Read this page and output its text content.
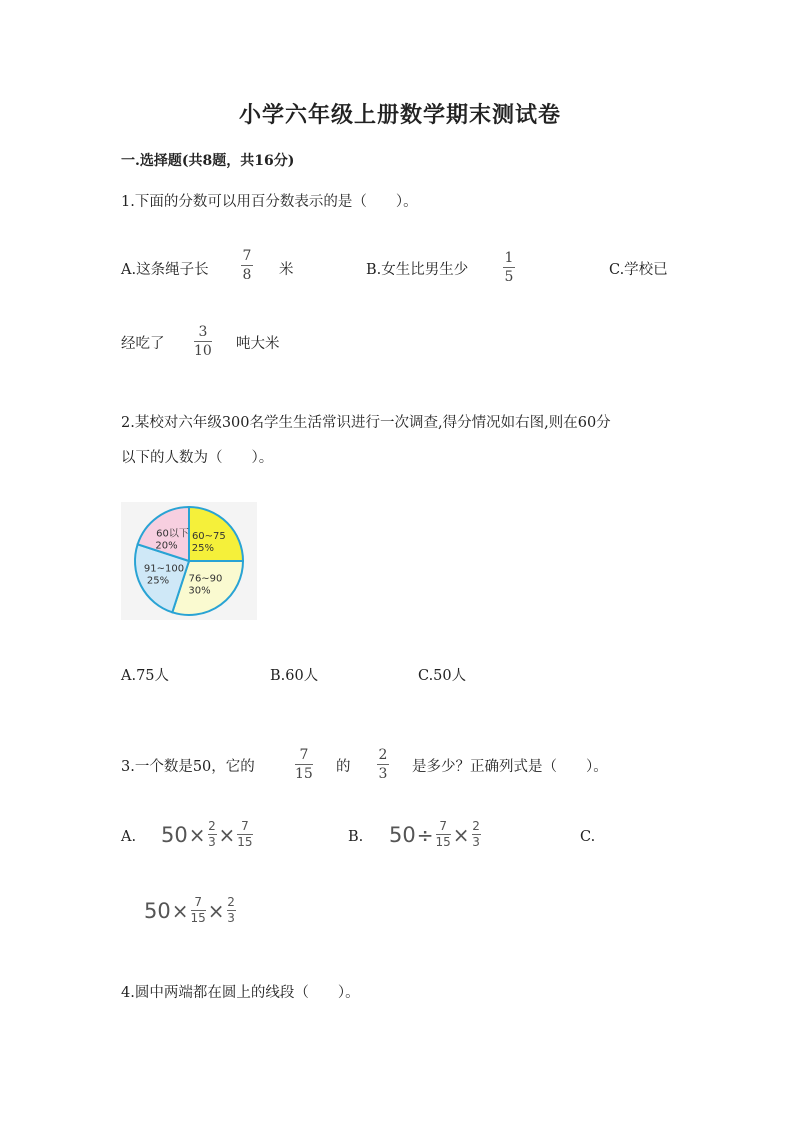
小学六年级上册数学期末测试卷
一.选择题(共8题，共16分)
1.下面的分数可以用百分数表示的是（　　）。
A.这条绳子长
7
8 米	B.女生比男生少
1
5	C.学校已
经吃了
3
10 吨大米
2.某校对六年级300名学生生活常识进行一次调查,得分情况如右图,则在60分
以下的人数为（　　）。
60以下
20%
60~75
25%
76~90
30%
91~100
25%
A.75人	B.60人	C.50人
3.一个数是50，它的
7
15 的
2
3 是多少？正确列式是（　　）。
A. 50 × 2
3 × 7
15	B. 50 ÷ 7
15 × 2
3	C.
50 × 7
15 × 2
3
4.圆中两端都在圆上的线段（　　）。
